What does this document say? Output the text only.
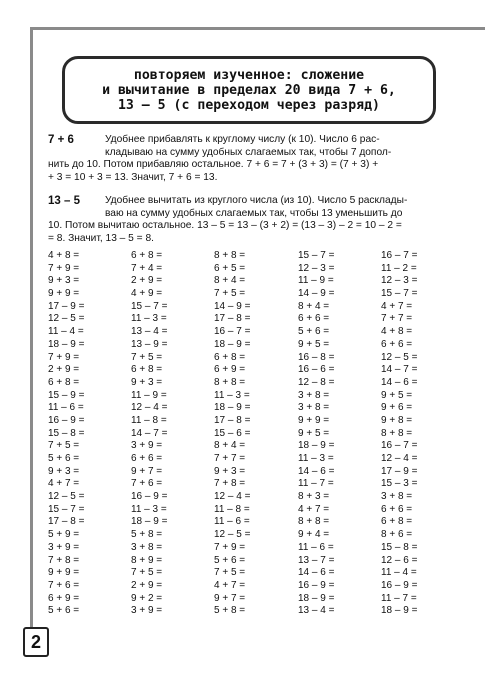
повторяем изученное: сложение
и вычитание в пределах 20 вида 7 + 6,
13 – 5 (с переходом через разряд)
7 + 6	Удобнее прибавлять к круглому числу (к 10). Число 6 рас-
кладываю на сумму удобных слагаемых так, чтобы 7 допол-
нить до 10. Потом прибавляю остальное. 7 + 6 = 7 + (3 + 3) = (7 + 3) +
+ 3 = 10 + 3 = 13. Значит, 7 + 6 = 13.
13 – 5	Удобнее вычитать из круглого числа (из 10). Число 5 расклады-
ваю на сумму удобных слагаемых так, чтобы 13 уменьшить до
10. Потом вычитаю остальное. 13 – 5 = 13 – (3 + 2) = (13 – 3) – 2 = 10 – 2 =
= 8. Значит, 13 – 5 = 8.
4 + 8 =
7 + 9 =
9 + 3 =
9 + 9 =
17 – 9 =
12 – 5 =
11 – 4 =
18 – 9 =
7 + 9 =
2 + 9 =
6 + 8 =
15 – 9 =
11 – 6 =
16 – 9 =
15 – 8 =
7 + 5 =
5 + 6 =
9 + 3 =
4 + 7 =
12 – 5 =
15 – 7 =
17 – 8 =
5 + 9 =
3 + 9 =
7 + 8 =
9 + 9 =
7 + 6 =
6 + 9 =
5 + 6 =
6 + 8 =
7 + 4 =
2 + 9 =
4 + 9 =
15 – 7 =
11 – 3 =
13 – 4 =
13 – 9 =
7 + 5 =
6 + 8 =
9 + 3 =
11 – 9 =
12 – 4 =
11 – 8 =
14 – 7 =
3 + 9 =
6 + 6 =
9 + 7 =
7 + 6 =
16 – 9 =
11 – 3 =
18 – 9 =
5 + 8 =
3 + 8 =
8 + 9 =
7 + 5 =
2 + 9 =
9 + 2 =
3 + 9 =
8 + 8 =
6 + 5 =
8 + 4 =
7 + 5 =
14 – 9 =
17 – 8 =
16 – 7 =
18 – 9 =
6 + 8 =
6 + 9 =
8 + 8 =
11 – 3 =
18 – 9 =
17 – 8 =
15 – 6 =
8 + 4 =
7 + 7 =
9 + 3 =
7 + 8 =
12 – 4 =
11 – 8 =
11 – 6 =
12 – 5 =
7 + 9 =
5 + 6 =
7 + 5 =
4 + 7 =
9 + 7 =
5 + 8 =
15 – 7 =
12 – 3 =
11 – 9 =
14 – 9 =
8 + 4 =
6 + 6 =
5 + 6 =
9 + 5 =
16 – 8 =
16 – 6 =
12 – 8 =
3 + 8 =
3 + 8 =
9 + 9 =
9 + 5 =
18 – 9 =
11 – 3 =
14 – 6 =
11 – 7 =
8 + 3 =
4 + 7 =
8 + 8 =
9 + 4 =
11 – 6 =
13 – 7 =
14 – 6 =
16 – 9 =
18 – 9 =
13 – 4 =
16 – 7 =
11 – 2 =
12 – 3 =
15 – 7 =
4 + 7 =
7 + 7 =
4 + 8 =
6 + 6 =
12 – 5 =
14 – 7 =
14 – 6 =
9 + 5 =
9 + 6 =
9 + 8 =
8 + 8 =
16 – 7 =
12 – 4 =
17 – 9 =
15 – 3 =
3 + 8 =
6 + 6 =
6 + 8 =
8 + 6 =
15 – 8 =
12 – 6 =
11 – 4 =
16 – 9 =
11 – 7 =
18 – 9 =
2
